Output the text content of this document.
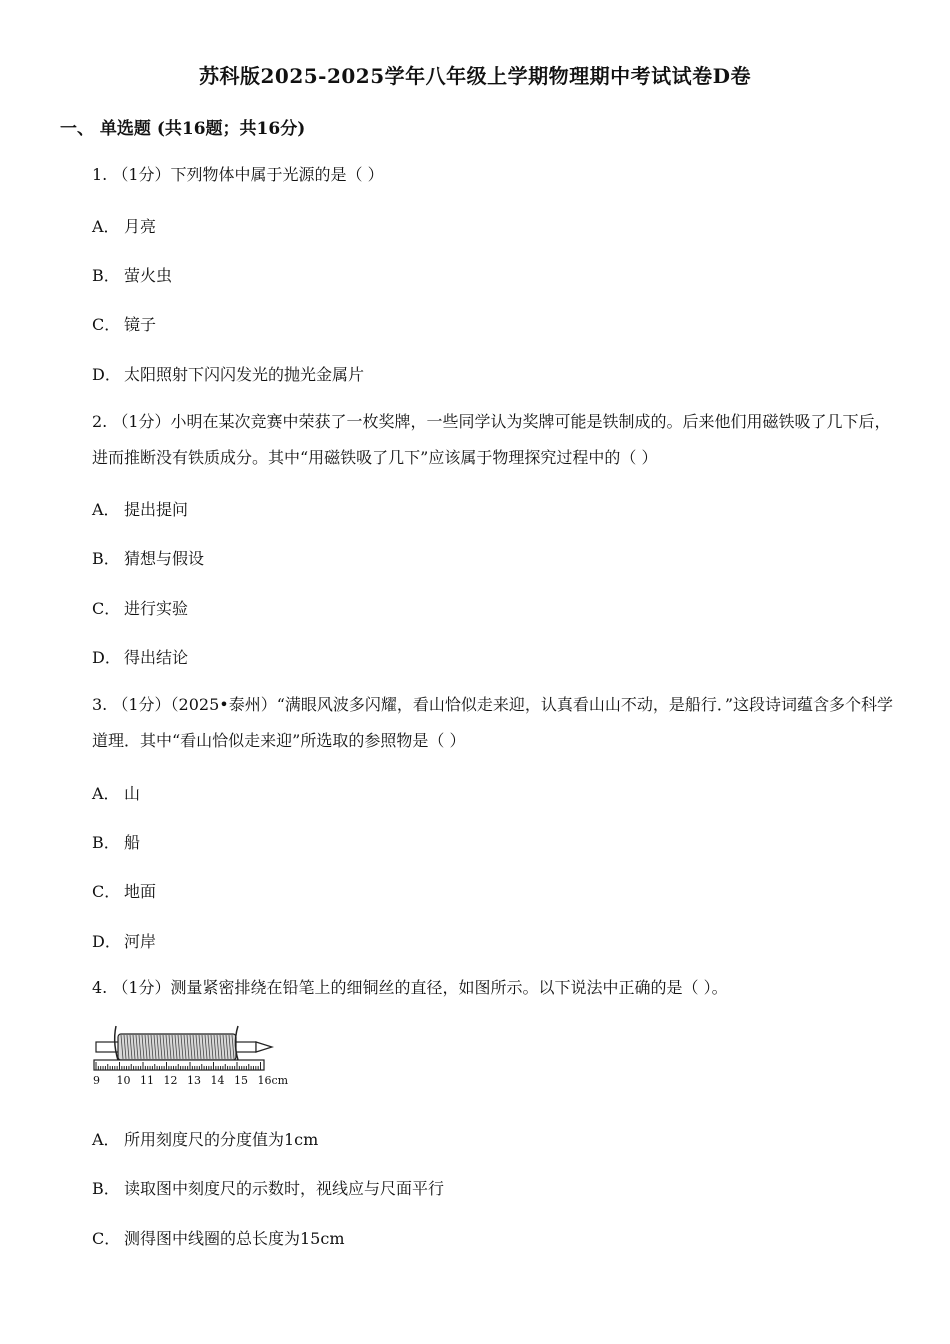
苏科版2025-2025学年八年级上学期物理期中考试试卷D卷
一、 单选题 (共16题；共16分)
1. （1分）下列物体中属于光源的是（ ）
A． 月亮
B． 萤火虫
C． 镜子
D． 太阳照射下闪闪发光的抛光金属片
2. （1分）小明在某次竞赛中荣获了一枚奖牌，一些同学认为奖牌可能是铁制成的。后来他们用磁铁吸了几下后，进而推断没有铁质成分。其中“用磁铁吸了几下”应该属于物理探究过程中的（ ）
A． 提出提问
B． 猜想与假设
C． 进行实验
D． 得出结论
3. （1分）（2025•泰州）“满眼风波多闪耀，看山恰似走来迎，认真看山山不动，是船行．”这段诗词蕴含多个科学道理．其中“看山恰似走来迎”所选取的参照物是（ ）
A． 山
B． 船
C． 地面
D． 河岸
4. （1分）测量紧密排绕在铅笔上的细铜丝的直径，如图所示。以下说法中正确的是（ ）。
9 10 11 12 13 14 15 16cm
A． 所用刻度尺的分度值为1cm
B． 读取图中刻度尺的示数时，视线应与尺面平行
C． 测得图中线圈的总长度为15cm
